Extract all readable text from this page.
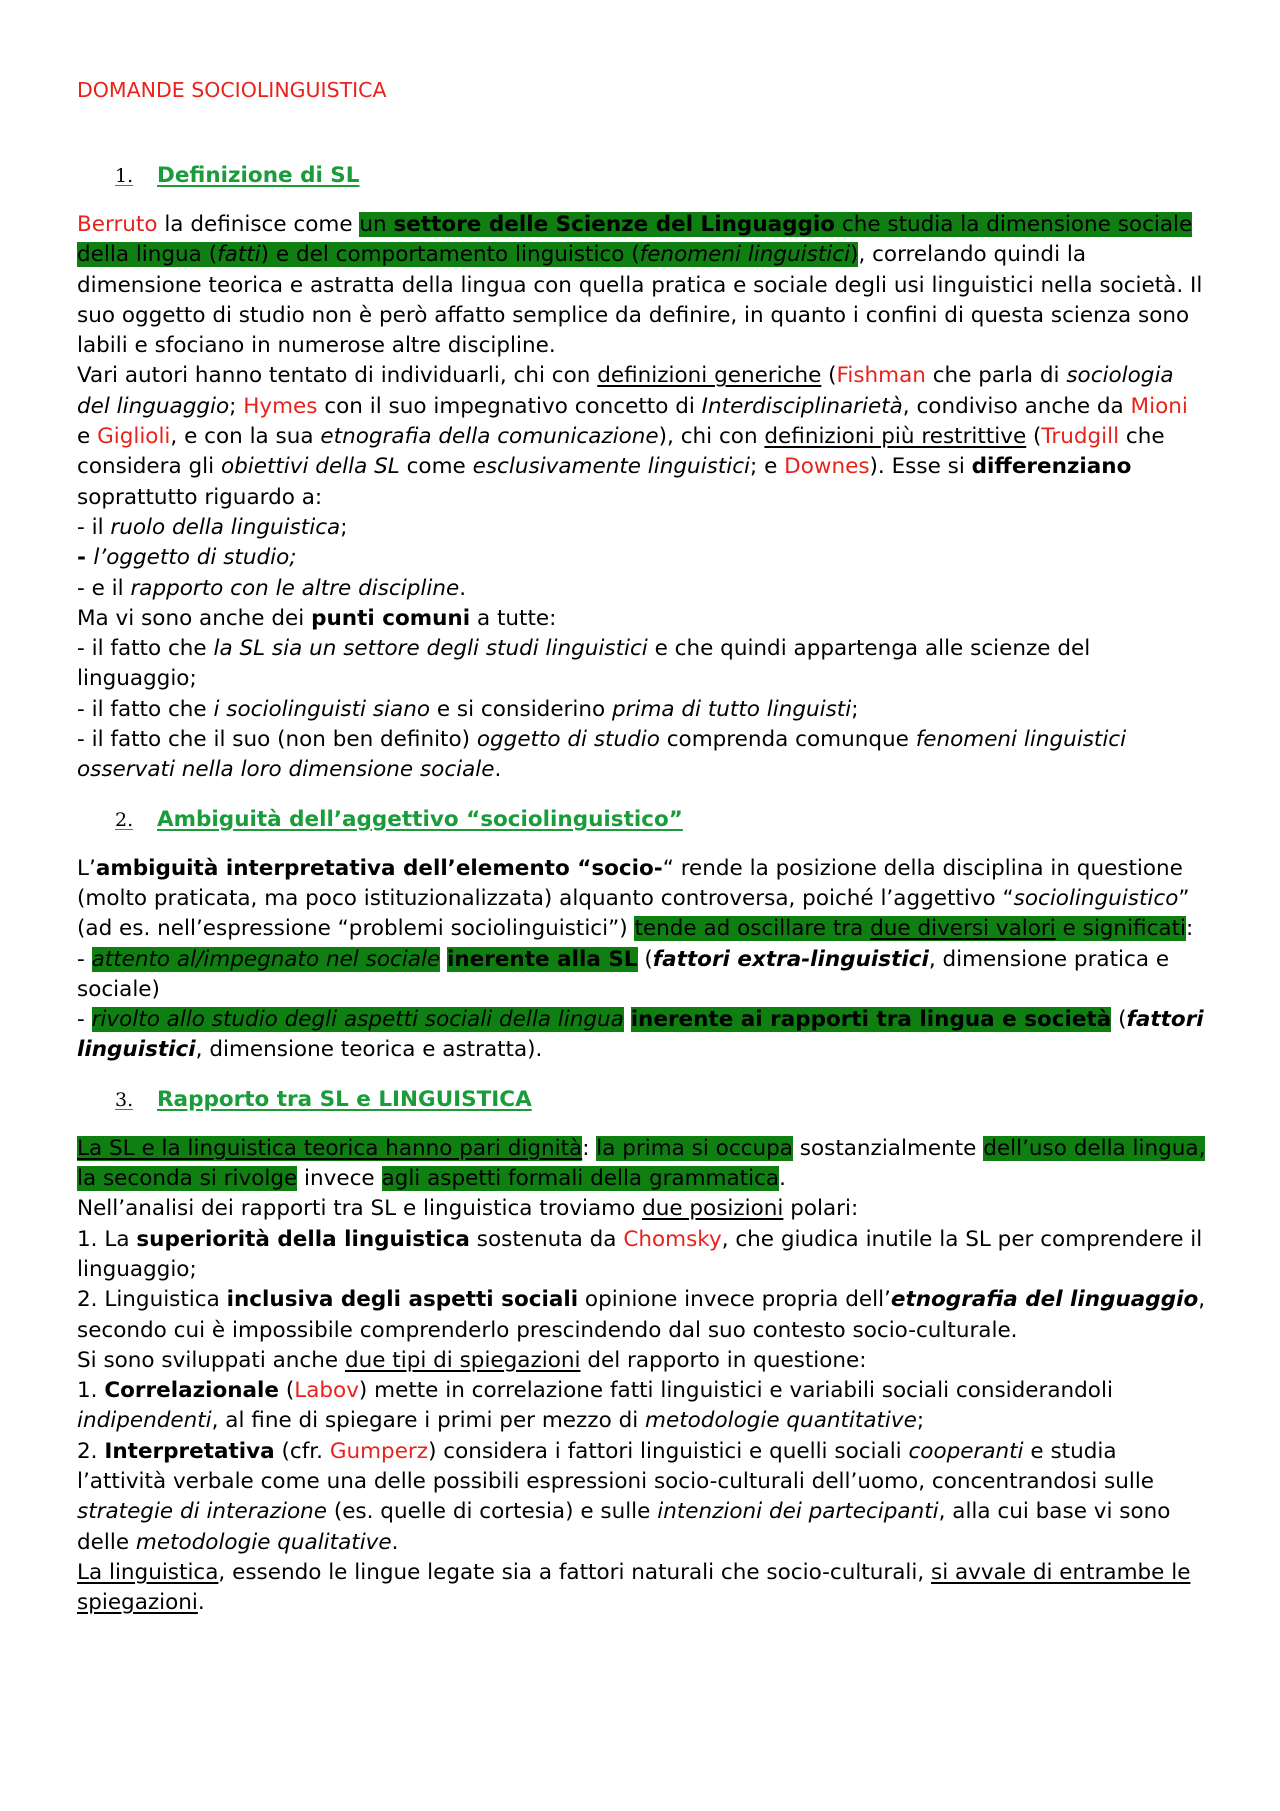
DOMANDE SOCIOLINGUISTICA

1.	Definizione di SL

Berruto la definisce come un settore delle Scienze del Linguaggio che studia la dimensione sociale della lingua (fatti) e del comportamento linguistico (fenomeni linguistici), correlando quindi la dimensione teorica e astratta della lingua con quella pratica e sociale degli usi linguistici nella società. Il suo oggetto di studio non è però affatto semplice da definire, in quanto i confini di questa scienza sono labili e sfociano in numerose altre discipline.

Vari autori hanno tentato di individuarli, chi con definizioni generiche (Fishman che parla di sociologia del linguaggio; Hymes con il suo impegnativo concetto di Interdisciplinarietà, condiviso anche da Mioni e Giglioli, e con la sua etnografia della comunicazione), chi con definizioni più restrittive (Trudgill che considera gli obiettivi della SL come esclusivamente linguistici; e Downes). Esse si differenziano soprattutto riguardo a:

- il ruolo della linguistica;

- l’oggetto di studio;

- e il rapporto con le altre discipline.

Ma vi sono anche dei punti comuni a tutte:

- il fatto che la SL sia un settore degli studi linguistici e che quindi appartenga alle scienze del linguaggio;

- il fatto che i sociolinguisti siano e si considerino prima di tutto linguisti;

- il fatto che il suo (non ben definito) oggetto di studio comprenda comunque fenomeni linguistici osservati nella loro dimensione sociale.

2.	Ambiguità dell’aggettivo “sociolinguistico”

L’ambiguità interpretativa dell’elemento “socio-“ rende la posizione della disciplina in questione (molto praticata, ma poco istituzionalizzata) alquanto controversa, poiché l’aggettivo “sociolinguistico” (ad es. nell’espressione “problemi sociolinguistici”) tende ad oscillare tra due diversi valori e significati:

- attento al/impegnato nel sociale inerente alla SL (fattori extra-linguistici, dimensione pratica e sociale)

- rivolto allo studio degli aspetti sociali della lingua inerente ai rapporti tra lingua e società (fattori linguistici, dimensione teorica e astratta).

3.	Rapporto tra SL e LINGUISTICA

La SL e la linguistica teorica hanno pari dignità: la prima si occupa sostanzialmente dell’uso della lingua, la seconda si rivolge invece agli aspetti formali della grammatica.

Nell’analisi dei rapporti tra SL e linguistica troviamo due posizioni polari:

1. La superiorità della linguistica sostenuta da Chomsky, che giudica inutile la SL per comprendere il linguaggio;

2. Linguistica inclusiva degli aspetti sociali opinione invece propria dell’etnografia del linguaggio, secondo cui è impossibile comprenderlo prescindendo dal suo contesto socio-culturale.

Si sono sviluppati anche due tipi di spiegazioni del rapporto in questione:

1. Correlazionale (Labov) mette in correlazione fatti linguistici e variabili sociali considerandoli indipendenti, al fine di spiegare i primi per mezzo di metodologie quantitative;

2. Interpretativa (cfr. Gumperz) considera i fattori linguistici e quelli sociali cooperanti e studia l’attività verbale come una delle possibili espressioni socio-culturali dell’uomo, concentrandosi sulle strategie di interazione (es. quelle di cortesia) e sulle intenzioni dei partecipanti, alla cui base vi sono delle metodologie qualitative.

La linguistica, essendo le lingue legate sia a fattori naturali che socio-culturali, si avvale di entrambe le spiegazioni.
